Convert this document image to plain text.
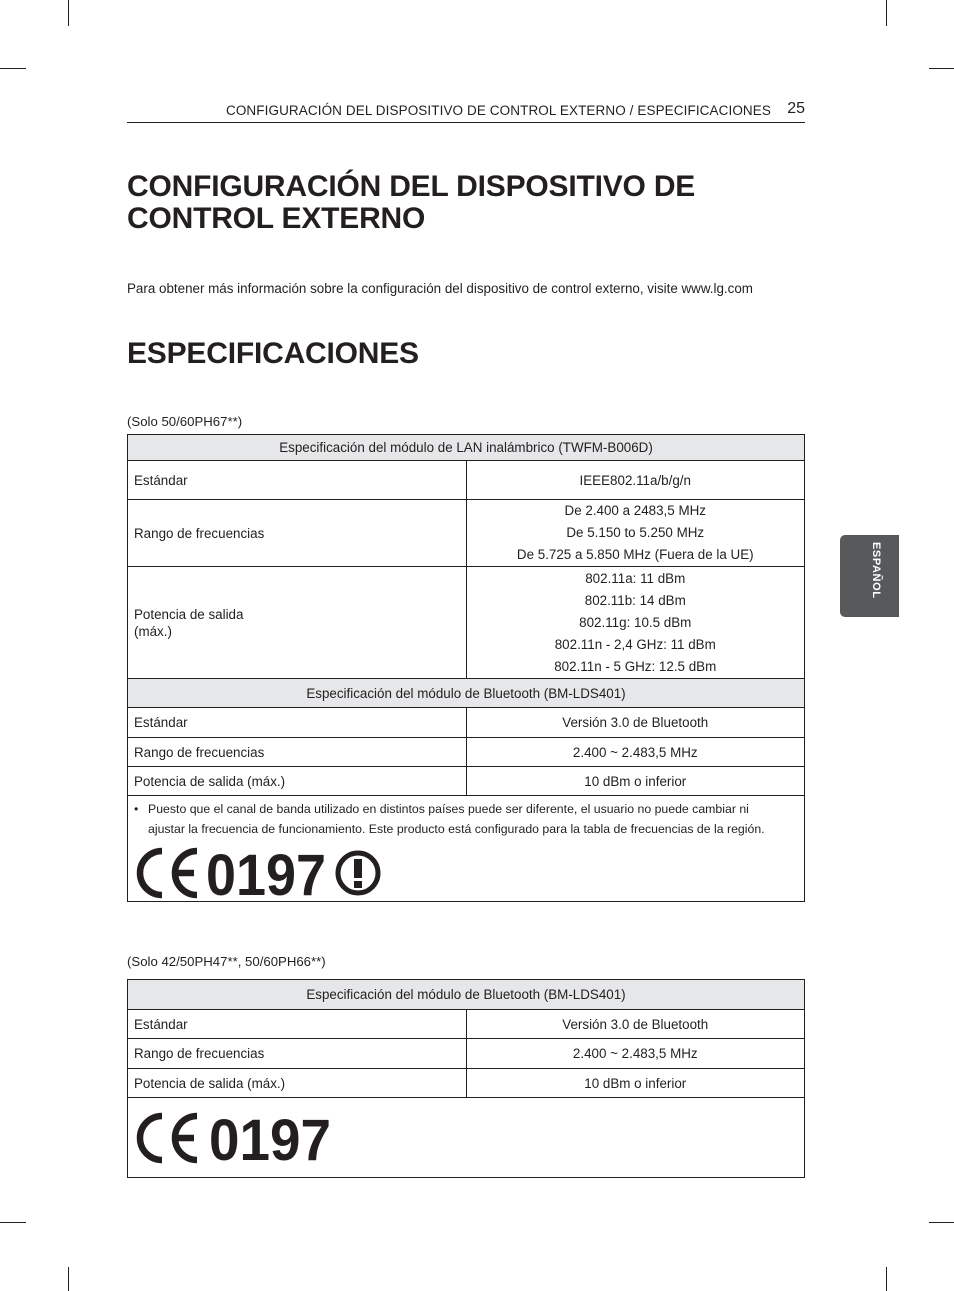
CONFIGURACIÓN DEL DISPOSITIVO DE CONTROL EXTERNO / ESPECIFICACIONES 25
CONFIGURACIÓN DEL DISPOSITIVO DE CONTROL EXTERNO

Para obtener más información sobre la configuración del dispositivo de control externo, visite www.lg.com

ESPECIFICACIONES

(Solo 50/60PH67**)

Especificación del módulo de LAN inalámbrico (TWFM-B006D)	
Estándar	IEEE802.11a/b/g/n
Rango de frecuencias	De 2.400 a 2483,5 MHz
De 5.150 to 5.250 MHz
De 5.725 a 5.850 MHz (Fuera de la UE)

Potencia de salida
(máx.)	802.11a: 11 dBm
802.11b: 14 dBm
802.11g: 10.5 dBm
802.11n - 2,4 GHz: 11 dBm
802.11n - 5 GHz: 12.5 dBm

Especificación del módulo de Bluetooth (BM-LDS401)	
Estándar	Versión 3.0 de Bluetooth
Rango de frecuencias	2.400 ~ 2.483,5 MHz
Potencia de salida (máx.)	10 dBm o inferior

• Puesto que el canal de banda utilizado en distintos países puede ser diferente, el usuario no puede cambiar ni
ajustar la frecuencia de funcionamiento. Este producto está configurado para la tabla de frecuencias de la región.
0197	

(Solo 42/50PH47**, 50/60PH66**)

Especificación del módulo de Bluetooth (BM-LDS401)	
Estándar	Versión 3.0 de Bluetooth
Rango de frecuencias	2.400 ~ 2.483,5 MHz
Potencia de salida (máx.)	10 dBm o inferior

0197	
ESPAÑOL
